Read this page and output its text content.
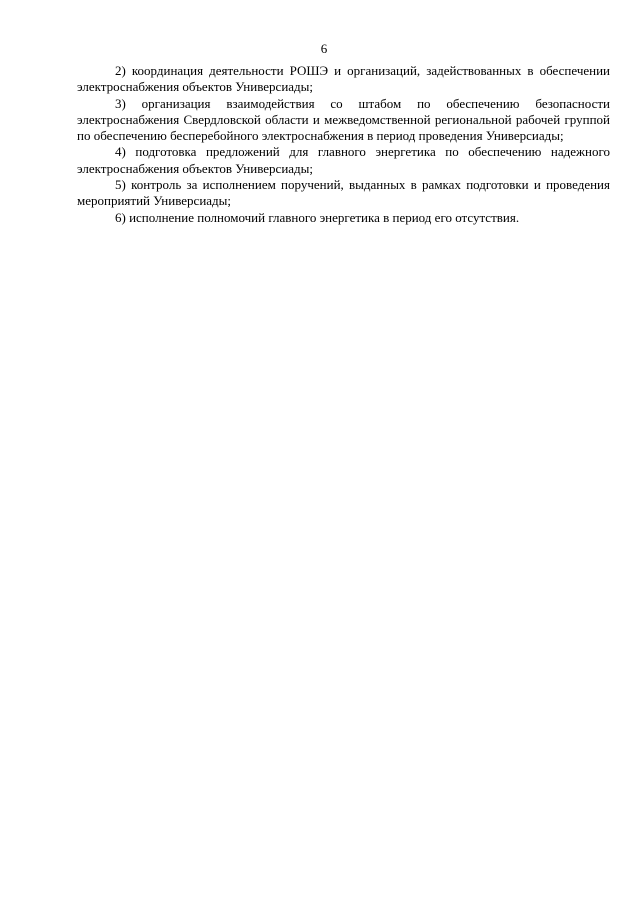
6

2) координация деятельности РОШЭ и организаций, задействованных в обеспечении электроснабжения объектов Универсиады;

3) организация взаимодействия со штабом по обеспечению безопасности электроснабжения Свердловской области и межведомственной региональной рабочей группой по обеспечению бесперебойного электроснабжения в период проведения Универсиады;

4) подготовка предложений для главного энергетика по обеспечению надежного электроснабжения объектов Универсиады;

5) контроль за исполнением поручений, выданных в рамках подготовки и проведения мероприятий Универсиады;

6) исполнение полномочий главного энергетика в период его отсутствия.
